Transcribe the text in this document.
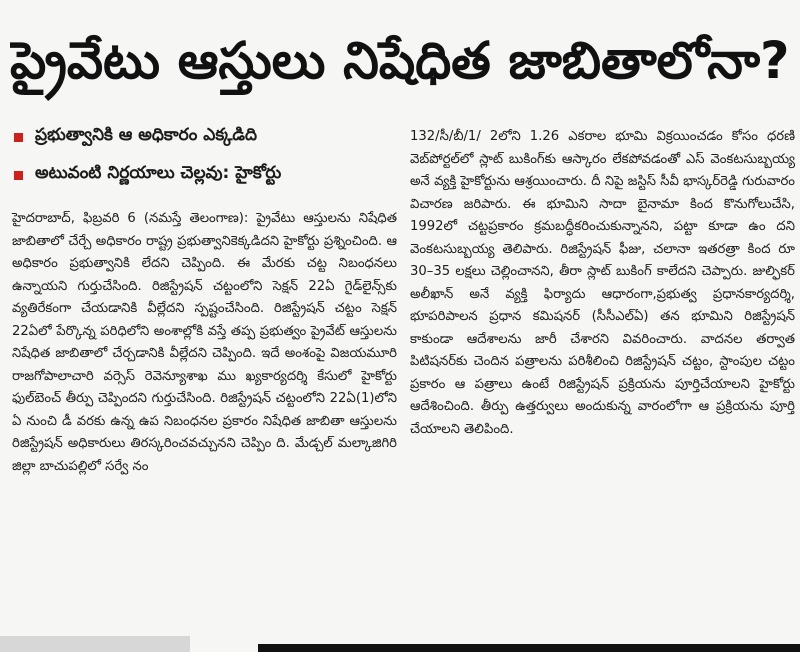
ప్రైవేటు ఆస్తులు నిషేధిత జాబితాలోనా?
ప్రభుత్వానికి ఆ అధికారం ఎక్కడిది
అటువంటి నిర్ణయాలు చెల్లవు: హైకోర్టు

హైదరాబాద్, ఫిబ్రవరి 6 (నమస్తే తెలంగాణ): ప్రైవేటు ఆస్తులను నిషేధిత జాబితాలో చేర్చే అధికారం రాష్ట్ర ప్రభుత్వానికెక్కడిదని హైకోర్టు ప్రశ్నించింది. ఆ అధికారం ప్రభుత్వానికి లేదని చెప్పింది. ఈ మేరకు చట్ట నిబంధనలు ఉన్నాయని గుర్తుచేసింది. రిజిస్ట్రేషన్ చట్టంలోని సెక్షన్ 22ఏ గైడ్‌లైన్స్‌కు వ్యతిరేకంగా చేయడానికి వీల్లేదని స్పష్టంచేసింది. రిజిస్ట్రేషన్ చట్టం సెక్షన్ 22ఏలో పేర్కొన్న పరిధిలోని అంశాల్లోకి వస్తే తప్ప ప్రభుత్వం ప్రైవేట్ ఆస్తులను నిషేధిత జాబితాలో చేర్చడానికి వీల్లేదని చెప్పింది. ఇదే అంశంపై విజయమూరి రాజగోపాలాచారి వర్సెస్ రెవెన్యూశాఖ ము ఖ్యకార్యదర్శి కేసులో హైకోర్టు ఫుల్‌బెంచ్ తీర్పు చెప్పిందని గుర్తుచేసింది. రిజిస్ట్రేషన్ చట్టంలోని 22ఏ(1)లోని ఏ నుంచి డీ వరకు ఉన్న ఉప నిబంధనల ప్రకారం నిషేధిత జాబితా ఆస్తులను రిజిస్ట్రేషన్ అధికారులు తిరస్కరించవచ్చునని చెప్పిం ది. మేడ్చల్ మల్కాజిగిరి జిల్లా బాచుపల్లిలో సర్వే నం

132/సీ/బీ/1/ 2లోని 1.26 ఎకరాల భూమి విక్రయించడం కోసం ధరణి వెబ్‌పోర్టల్‌లో స్లాట్ బుకింగ్‌కు ఆస్కారం లేకపోవడంతో ఎస్ వెంకటసుబ్బయ్య అనే వ్యక్తి హైకోర్టును ఆశ్రయించారు. దీ నిపై జస్టిస్ సీవీ భాస్కర్‌రెడ్డి గురువారం విచారణ జరిపారు. ఈ భూమిని సాదా బైనామా కింద కొనుగోలుచేసి, 1992లో చట్టప్రకారం క్రమబద్ధీకరించుకున్నానని, పట్టా కూడా ఉం దని వెంకటసుబ్బయ్య తెలిపారు. రిజిస్ట్రేషన్ ఫీజు, చలానా ఇతరత్రా కింద రూ 30–35 లక్షలు చెల్లించానని, తీరా స్లాట్ బుకింగ్ కాలేదని చెప్పారు. జుల్ఫికర్ అలీఖాన్ అనే వ్యక్తి ఫిర్యాదు ఆధారంగా,ప్రభుత్వ ప్రధానకార్యదర్శి, భూపరిపాలన ప్రధాన కమిషనర్ (సీసీఎల్ఏ) తన భూమిని రిజిస్ట్రేషన్ కాకుండా ఆదేశాలను జారీ చేశారని వివరించారు. వాదనల తర్వాత పిటిషనర్‌కు చెందిన పత్రాలను పరిశీలించి రిజిస్ట్రేషన్ చట్టం, స్టాంపుల చట్టం ప్రకారం ఆ పత్రాలు ఉంటే రిజిస్ట్రేషన్ ప్రక్రియను పూర్తిచేయాలని హైకోర్టు ఆదేశించింది. తీర్పు ఉత్తర్వులు అందుకున్న వారంలోగా ఆ ప్రక్రియను పూర్తి చేయాలని తెలిపింది.
